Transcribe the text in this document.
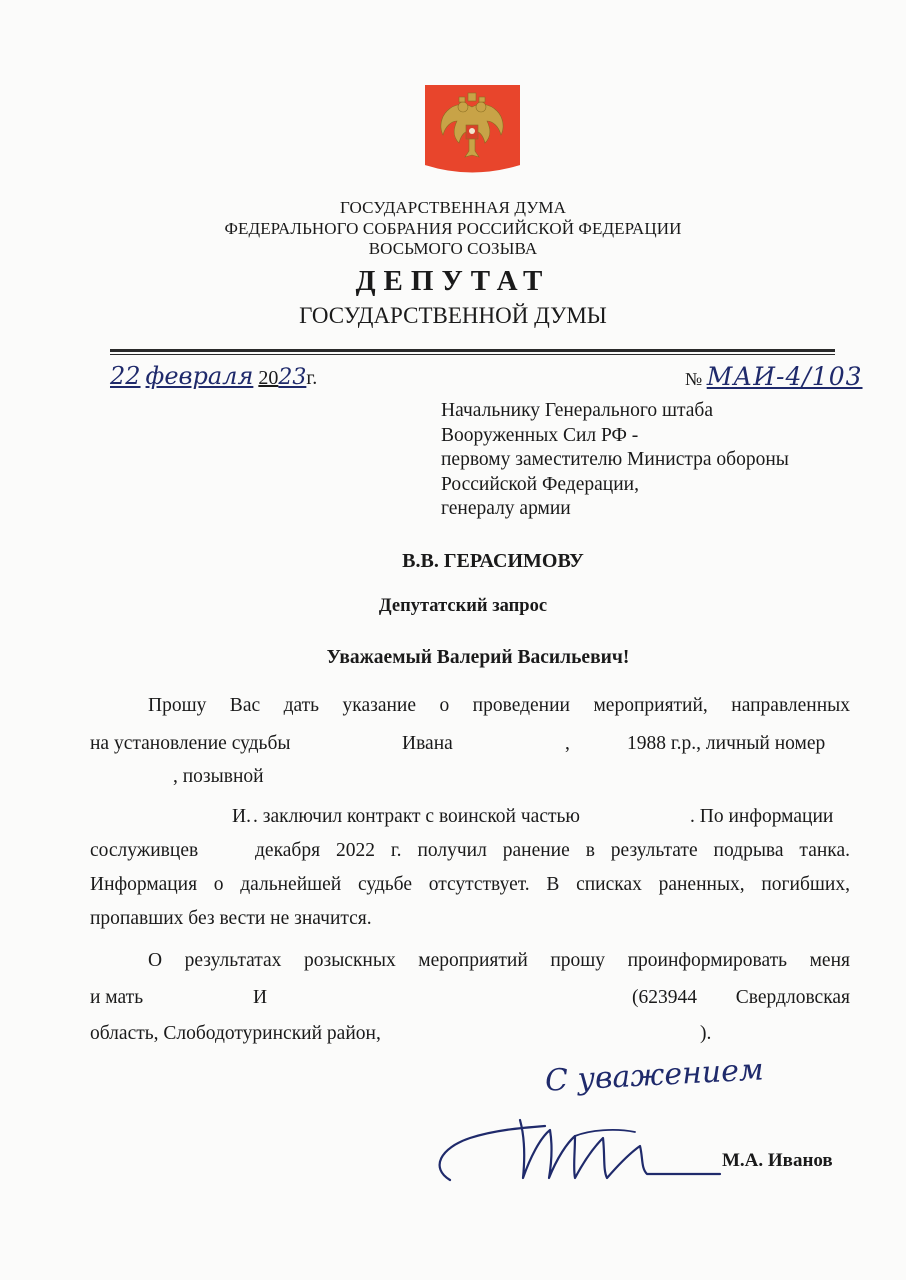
ГОСУДАРСТВЕННАЯ ДУМА
ФЕДЕРАЛЬНОГО СОБРАНИЯ РОССИЙСКОЙ ФЕДЕРАЦИИ
ВОСЬМОГО СОЗЫВА
ДЕПУТАТ
ГОСУДАРСТВЕННОЙ ДУМЫ
22 февраля 2023г.	№ МАИ-4/103
Начальнику Генерального штаба
Вооруженных Сил РФ -
первому заместителю Министра обороны
Российской Федерации,
генералу армии
В.В. ГЕРАСИМОВУ
Депутатский запрос
Уважаемый Валерий Васильевич!
Прошу Вас дать указание о проведении мероприятий, направленных
на установление судьбы	Ивана	,	1988 г.р., личный номер
, позывной
И. . заключил контракт с воинской частью	. По информации
сослуживцев	декабря 2022 г. получил ранение в результате подрыва танка.
Информация о дальнейшей судьбе отсутствует. В списках раненных, погибших,
пропавших без вести не значится.
О результатах розыскных мероприятий прошу проинформировать меня
и мать	И	(623944 Свердловская
область, Слободотуринский район,	).
С уважением
М.А. Иванов
